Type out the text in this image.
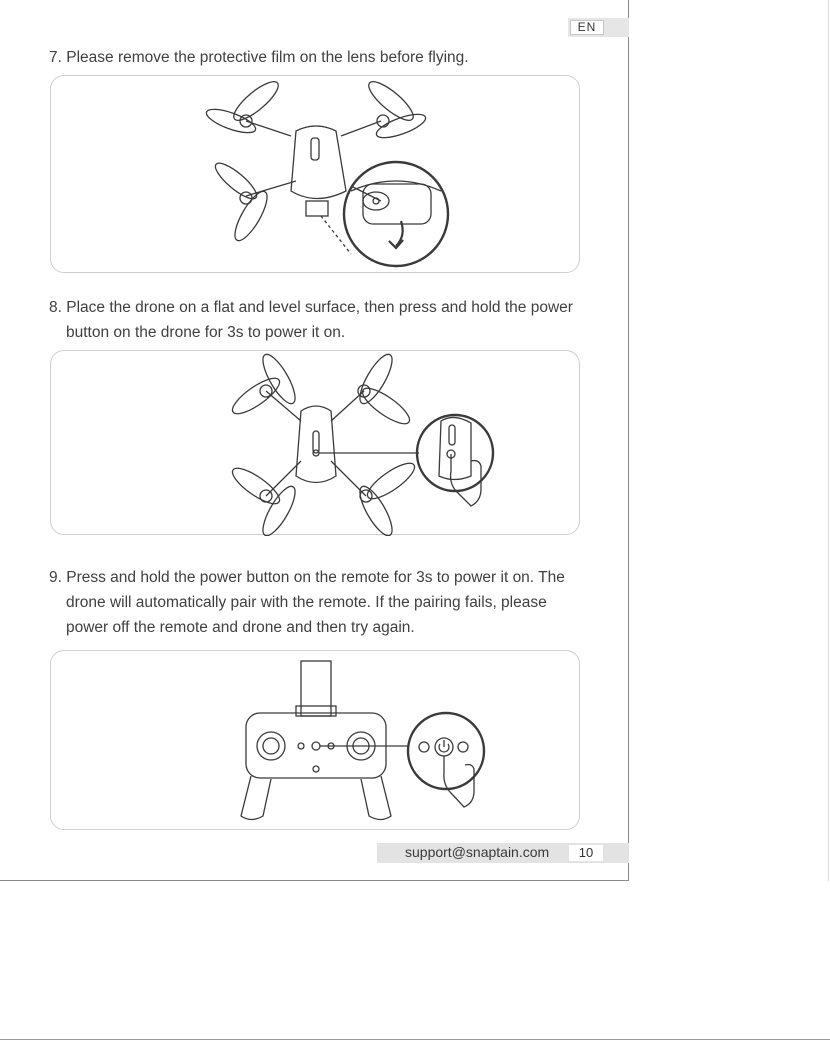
EN
7. Please remove the protective film on the lens before flying.
8. Place the drone on a flat and level surface, then press and hold the power
button on the drone for 3s to power it on.
9. Press and hold the power button on the remote for 3s to power it on. The
drone will automatically pair with the remote. If the pairing fails, please
power off the remote and drone and then try again.
support@snaptain.com	10
